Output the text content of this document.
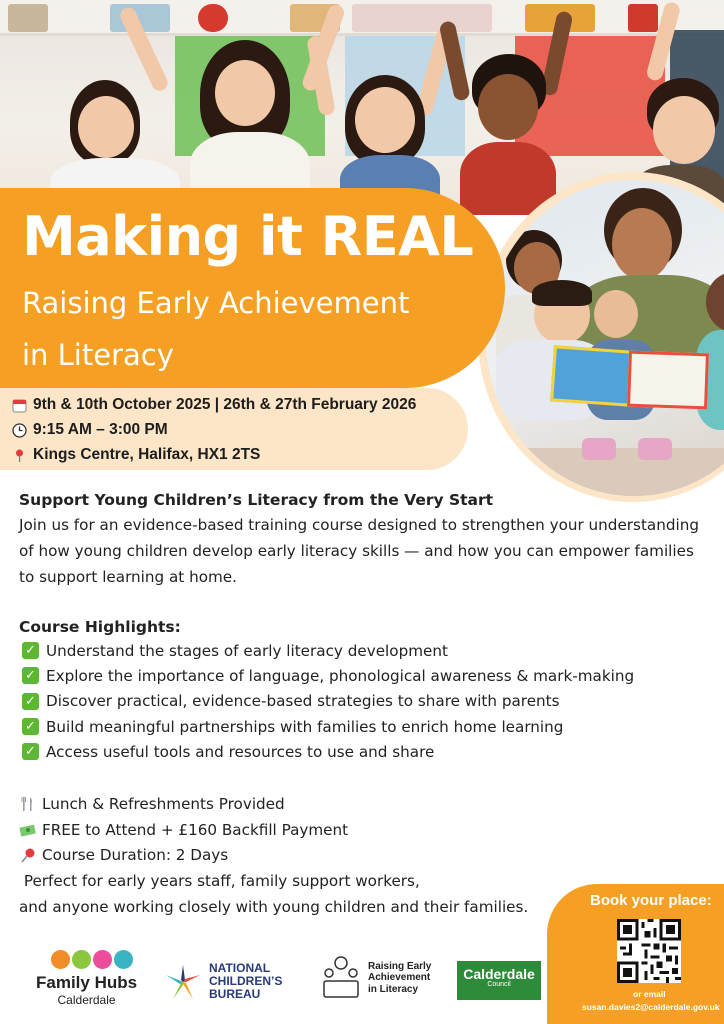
Making it REAL
Raising Early Achievement
in Literacy
9th & 10th October 2025 | 26th & 27th February 2026
9:15 AM – 3:00 PM
Kings Centre, Halifax, HX1 2TS
Support Young Children’s Literacy from the Very Start
Join us for an evidence-based training course designed to strengthen your understanding
of how young children develop early literacy skills — and how you can empower families
to support learning at home.
Course Highlights:
✓ Understand the stages of early literacy development
✓ Explore the importance of language, phonological awareness & mark-making
✓ Discover practical, evidence-based strategies to share with parents
✓ Build meaningful partnerships with families to enrich home learning
✓ Access useful tools and resources to use and share
Lunch & Refreshments Provided
FREE to Attend + £160 Backfill Payment
Course Duration: 2 Days
Perfect for early years staff, family support workers,
and anyone working closely with young children and their families.	Book your place:
or email
susan.davies2@calderdale.gov.uk
Family Hubs
Calderdale
NATIONAL
CHILDREN’S
BUREAU
Raising Early
Achievement
in Literacy
Calderdale
Council
